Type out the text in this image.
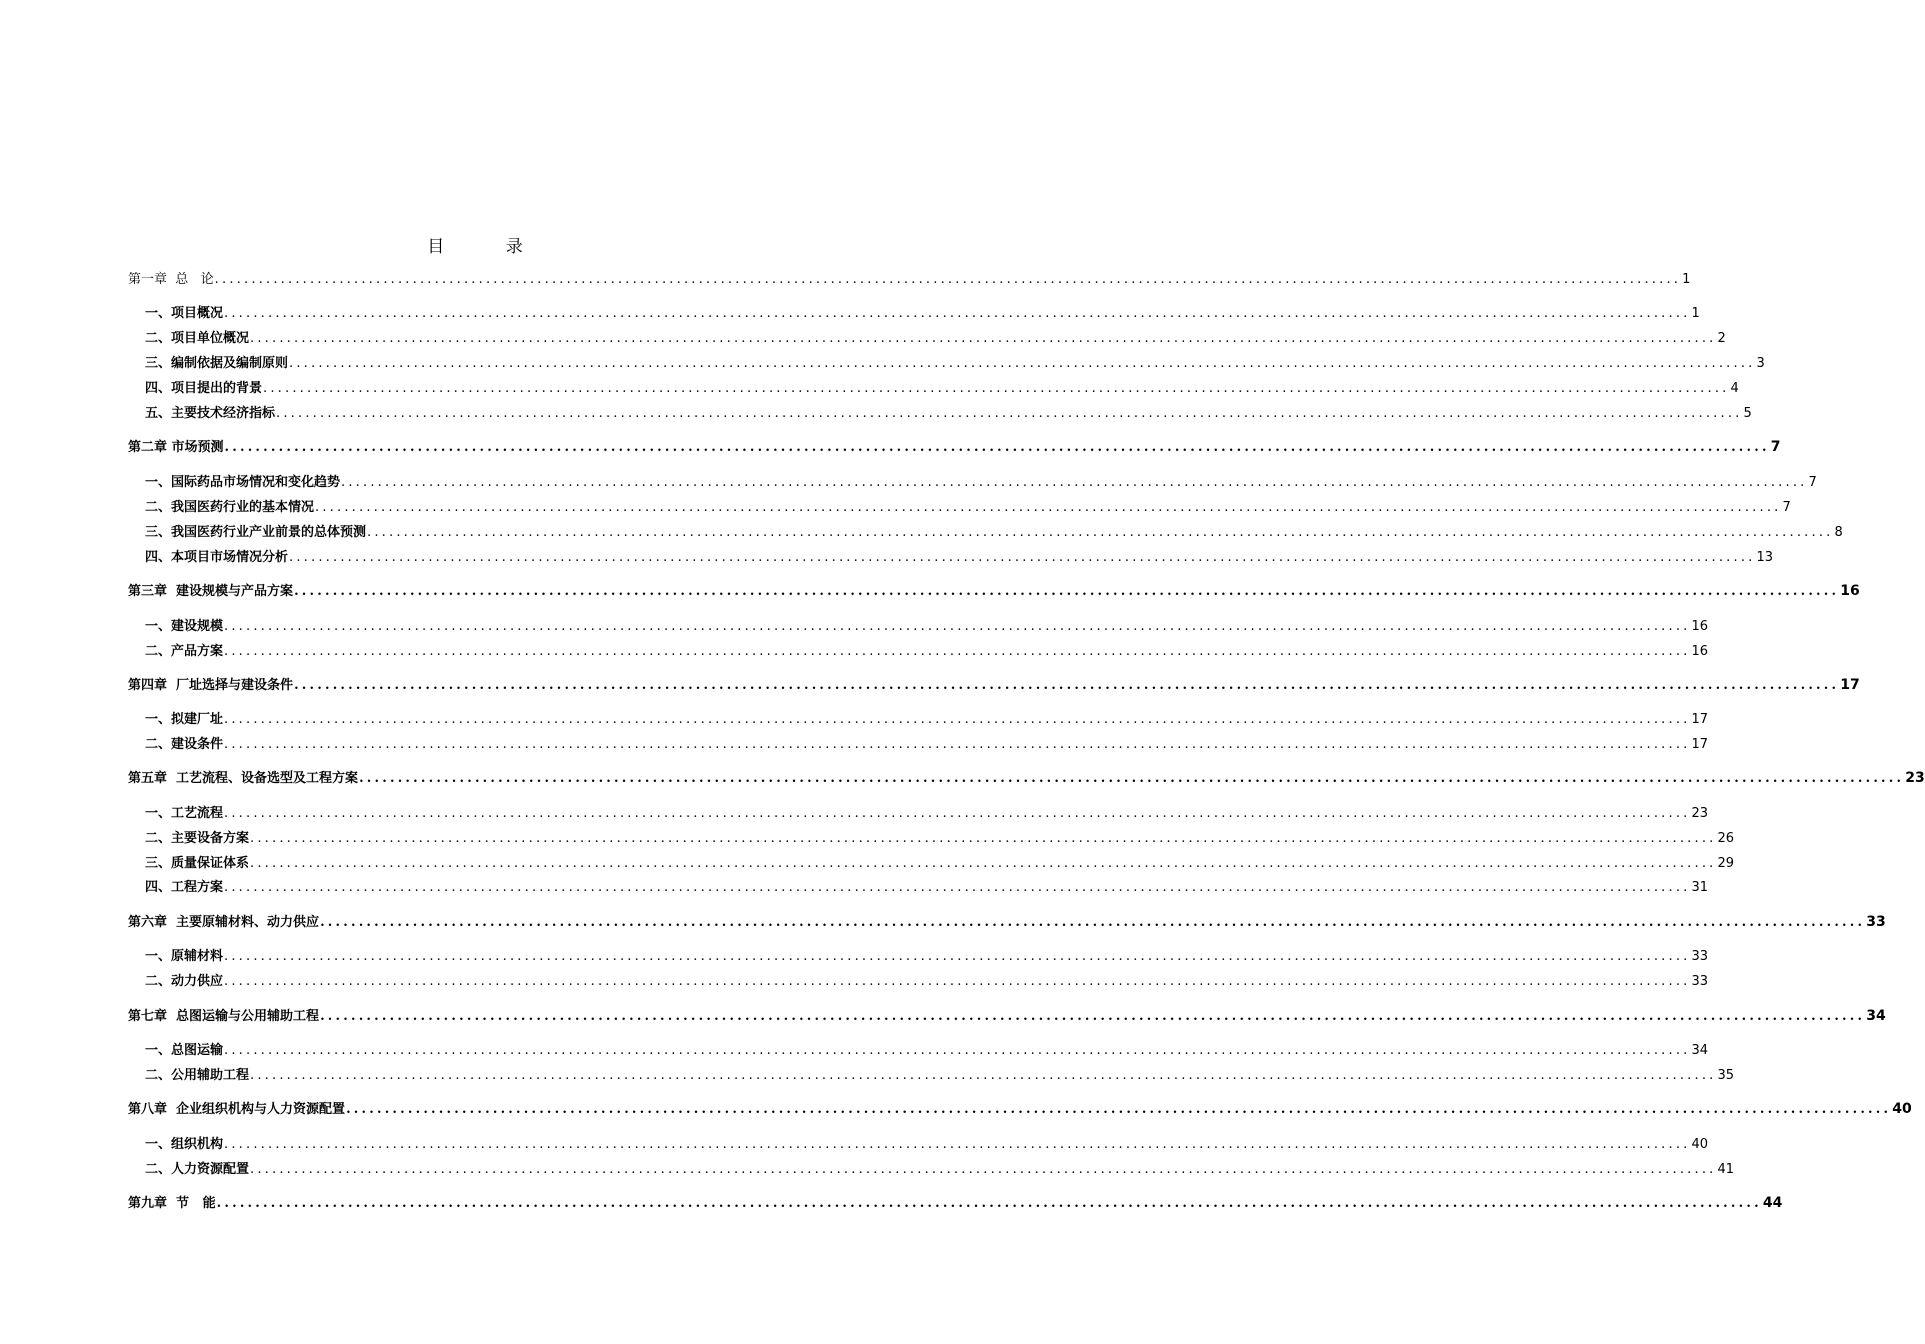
目 录
第一章  总   论 ........................................................................................................................................................................................................ 1
一、项目概况 ........................................................................................................................................................................................................ 1
二、项目单位概况 ........................................................................................................................................................................................................ 2
三、编制依据及编制原则 ........................................................................................................................................................................................................ 3
四、项目提出的背景 ........................................................................................................................................................................................................ 4
五、主要技术经济指标 ........................................................................................................................................................................................................ 5
第二章 市场预测 ........................................................................................................................................................................................................ 7
一、国际药品市场情况和变化趋势 ........................................................................................................................................................................................................ 7
二、我国医药行业的基本情况 ........................................................................................................................................................................................................ 7
三、我国医药行业产业前景的总体预测 ........................................................................................................................................................................................................ 8
四、本项目市场情况分析 ........................................................................................................................................................................................................ 13
第三章  建设规模与产品方案 ........................................................................................................................................................................................................ 16
一、建设规模 ........................................................................................................................................................................................................ 16
二、产品方案 ........................................................................................................................................................................................................ 16
第四章  厂址选择与建设条件 ........................................................................................................................................................................................................ 17
一、拟建厂址 ........................................................................................................................................................................................................ 17
二、建设条件 ........................................................................................................................................................................................................ 17
第五章  工艺流程、设备选型及工程方案 ........................................................................................................................................................................................................ 23
一、工艺流程 ........................................................................................................................................................................................................ 23
二、主要设备方案 ........................................................................................................................................................................................................ 26
三、质量保证体系 ........................................................................................................................................................................................................ 29
四、工程方案 ........................................................................................................................................................................................................ 31
第六章  主要原辅材料、动力供应 ........................................................................................................................................................................................................ 33
一、原辅材料 ........................................................................................................................................................................................................ 33
二、动力供应 ........................................................................................................................................................................................................ 33
第七章  总图运输与公用辅助工程 ........................................................................................................................................................................................................ 34
一、总图运输 ........................................................................................................................................................................................................ 34
二、公用辅助工程 ........................................................................................................................................................................................................ 35
第八章  企业组织机构与人力资源配置 ........................................................................................................................................................................................................ 40
一、组织机构 ........................................................................................................................................................................................................ 40
二、人力资源配置 ........................................................................................................................................................................................................ 41
第九章  节   能 ........................................................................................................................................................................................................ 44
